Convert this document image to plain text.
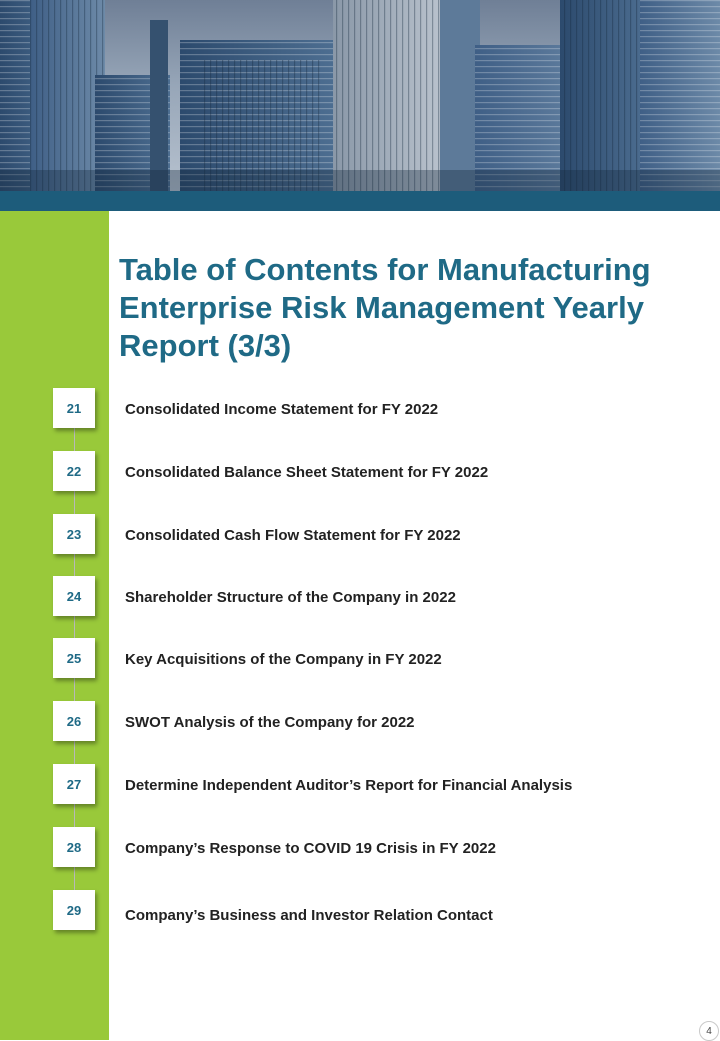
Table of Contents for Manufacturing Enterprise Risk Management Yearly Report (3/3)
21	Consolidated Income Statement for FY 2022
22	Consolidated Balance Sheet Statement for FY 2022
23	Consolidated Cash Flow Statement for FY 2022
24	Shareholder Structure of the Company in 2022
25	Key Acquisitions of the Company in FY 2022
26	SWOT Analysis of the Company for 2022
27	Determine Independent Auditor’s Report for Financial Analysis
28	Company’s Response to COVID 19 Crisis in FY 2022
29	Company’s Business and Investor Relation Contact
4
